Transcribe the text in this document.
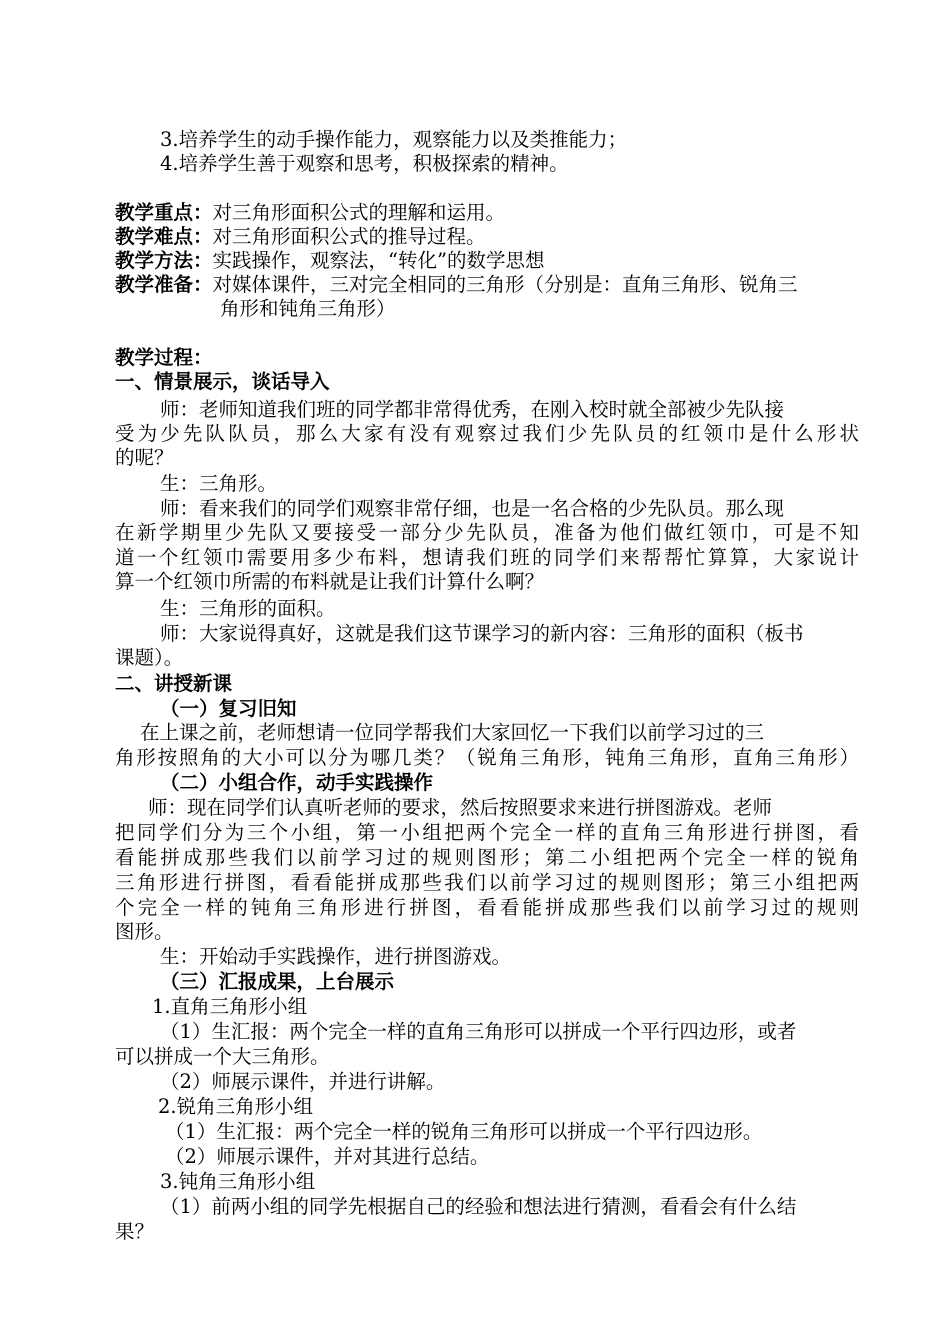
3.培养学生的动手操作能力，观察能力以及类推能力；
4.培养学生善于观察和思考，积极探索的精神。
教学重点：对三角形面积公式的理解和运用。
教学难点：对三角形面积公式的推导过程。
教学方法：实践操作，观察法，“转化”的数学思想
教学准备：对媒体课件，三对完全相同的三角形（分别是：直角三角形、锐角三
角形和钝角三角形）
教学过程：
一、情景展示，谈话导入
师：老师知道我们班的同学都非常得优秀，在刚入校时就全部被少先队接
受为少先队队员，那么大家有没有观察过我们少先队员的红领巾是什么形状
的呢？
生：三角形。
师：看来我们的同学们观察非常仔细，也是一名合格的少先队员。那么现
在新学期里少先队又要接受一部分少先队员，准备为他们做红领巾，可是不知
道一个红领巾需要用多少布料，想请我们班的同学们来帮帮忙算算，大家说计
算一个红领巾所需的布料就是让我们计算什么啊？
生：三角形的面积。
师：大家说得真好，这就是我们这节课学习的新内容：三角形的面积（板书
课题）。
二、讲授新课
（一）复习旧知
在上课之前，老师想请一位同学帮我们大家回忆一下我们以前学习过的三
角形按照角的大小可以分为哪几类？（锐角三角形，钝角三角形，直角三角形）
（二）小组合作，动手实践操作
师：现在同学们认真听老师的要求，然后按照要求来进行拼图游戏。老师
把同学们分为三个小组，第一小组把两个完全一样的直角三角形进行拼图，看
看能拼成那些我们以前学习过的规则图形；第二小组把两个完全一样的锐角
三角形进行拼图，看看能拼成那些我们以前学习过的规则图形；第三小组把两
个完全一样的钝角三角形进行拼图，看看能拼成那些我们以前学习过的规则
图形。
生：开始动手实践操作，进行拼图游戏。
（三）汇报成果，上台展示
1.直角三角形小组
（1）生汇报：两个完全一样的直角三角形可以拼成一个平行四边形，或者
可以拼成一个大三角形。
（2）师展示课件，并进行讲解。
2.锐角三角形小组
（1）生汇报：两个完全一样的锐角三角形可以拼成一个平行四边形。
（2）师展示课件，并对其进行总结。
3.钝角三角形小组
（1）前两小组的同学先根据自己的经验和想法进行猜测，看看会有什么结
果？
